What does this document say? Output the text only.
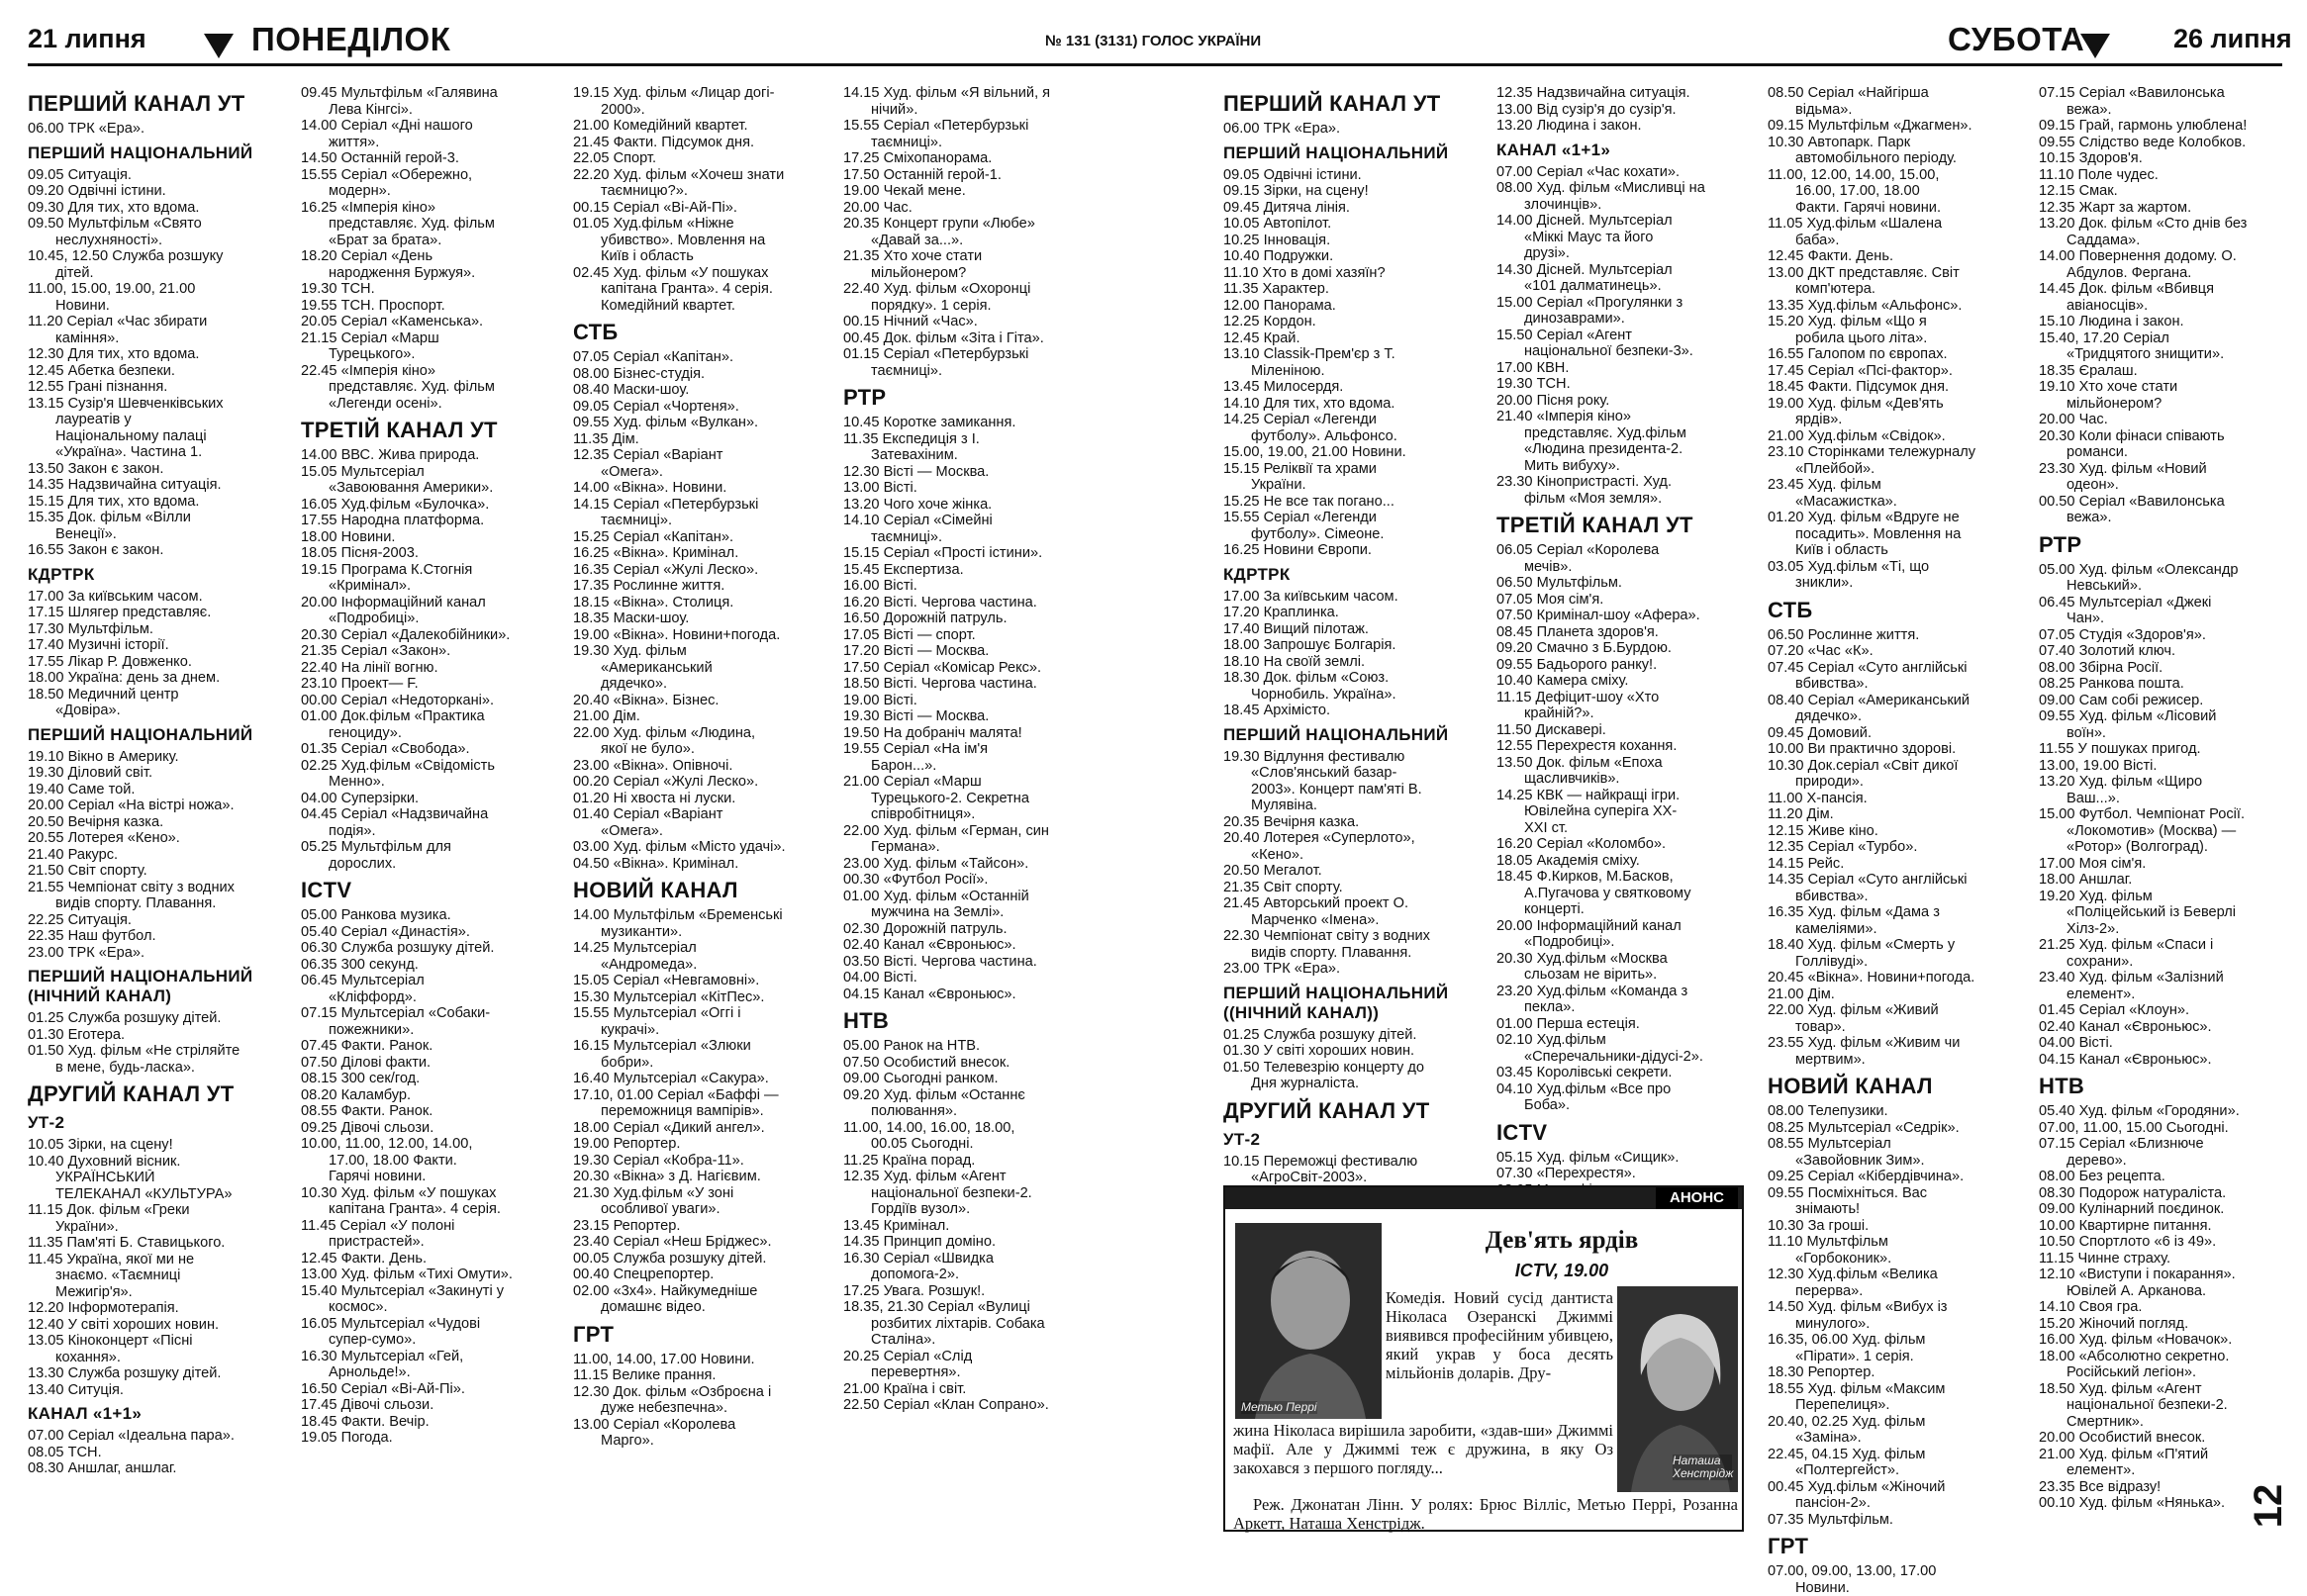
21 липня	ПОНЕДІЛОК	№ 131 (3131) ГОЛОС УКРАЇНИ	СУБОТА	26 липня
ПЕРШИЙ КАНАЛ УТ
06.00 ТРК «Ера».
ПЕРШИЙ НАЦІОНАЛЬНИЙ
09.05 Ситуація.
09.20 Одвічні істини.
09.30 Для тих, хто вдома.
09.50 Мультфільм «Свято
неслухняності».
10.45, 12.50 Служба розшуку
дітей.
11.00, 15.00, 19.00, 21.00
Новини.
11.20 Серіал «Час збирати
каміння».
12.30 Для тих, хто вдома.
12.45 Абетка безпеки.
12.55 Грані пізнання.
13.15 Сузір'я Шевченківських
лауреатів у
Національному палаці
«Україна». Частина 1.
13.50 Закон є закон.
14.35 Надзвичайна ситуація.
15.15 Для тих, хто вдома.
15.35 Док. фільм «Вілли
Венеції».
16.55 Закон є закон.
КДРТРК
17.00 За київським часом.
17.15 Шлягер представляє.
17.30 Мультфільм.
17.40 Музичні історії.
17.55 Лікар Р. Довженко.
18.00 Україна: день за днем.
18.50 Медичний центр
«Довіра».
ПЕРШИЙ НАЦІОНАЛЬНИЙ
19.10 Вікно в Америку.
19.30 Діловий світ.
19.40 Саме той.
20.00 Серіал «На вістрі ножа».
20.50 Вечірня казка.
20.55 Лотерея «Кено».
21.40 Ракурс.
21.50 Світ спорту.
21.55 Чемпіонат світу з водних
видів спорту. Плавання.
22.25 Ситуація.
22.35 Наш футбол.
23.00 ТРК «Ера».
ПЕРШИЙ НАЦІОНАЛЬНИЙ (НІЧНИЙ КАНАЛ)
01.25 Служба розшуку дітей.
01.30 Еготера.
01.50 Худ. фільм «Не стріляйте
в мене, будь-ласка».
ДРУГИЙ КАНАЛ УТ
УТ-2
10.05 Зірки, на сцену!
10.40 Духовний вісник.
УКРАЇНСЬКИЙ
ТЕЛЕКАНАЛ «КУЛЬТУРА»
11.15 Док. фільм «Греки
України».
11.35 Пам'яті Б. Ставицького.
11.45 Україна, якої ми не
знаємо. «Таємниці
Межигір'я».
12.20 Інформотерапія.
12.40 У світі хороших новин.
13.05 Кіноконцерт «Пісні
кохання».
13.30 Служба розшуку дітей.
13.40 Ситуція.
КАНАЛ «1+1»
07.00 Серіал «Ідеальна пара».
08.05 ТСН.
08.30 Аншлаг, аншлаг.
09.45 Мультфільм «Галявина
Лева Кінгсі».
14.00 Серіал «Дні нашого
життя».
14.50 Останній герой-3.
15.55 Серіал «Обережно,
модерн».
16.25 «Імперія кіно»
представляє. Худ. фільм
«Брат за брата».
18.20 Серіал «День
народження Буржуя».
19.30 ТСН.
19.55 ТСН. Проспорт.
20.05 Серіал «Каменська».
21.15 Серіал «Марш
Турецького».
22.45 «Імперія кіно»
представляє. Худ. фільм
«Легенди осені».
ТРЕТІЙ КАНАЛ УТ
14.00 ВВС. Жива природа.
15.05 Мультсеріал
«Завоювання Америки».
16.05 Худ.фільм «Булочка».
17.55 Народна платформа.
18.00 Новини.
18.05 Пісня-2003.
19.15 Програма К.Стогнія
«Кримінал».
20.00 Інформаційний канал
«Подробиці».
20.30 Серіал «Далекобійники».
21.35 Серіал «Закон».
22.40 На лінії вогню.
23.10 Проект— F.
00.00 Серіал «Недоторкані».
01.00 Док.фільм «Практика
геноциду».
01.35 Серіал «Свобода».
02.25 Худ.фільм «Свідомість
Менно».
04.00 Суперзірки.
04.45 Серіал «Надзвичайна
подія».
05.25 Мультфільм для
дорослих.
ICTV
05.00 Ранкова музика.
05.40 Серіал «Династія».
06.30 Служба розшуку дітей.
06.35 300 секунд.
06.45 Мультсеріал
«Кліффорд».
07.15 Мультсеріал «Собаки-
пожежники».
07.45 Факти. Ранок.
07.50 Ділові факти.
08.15 300 сек/год.
08.20 Каламбур.
08.55 Факти. Ранок.
09.25 Дівочі сльози.
10.00, 11.00, 12.00, 14.00,
17.00, 18.00 Факти.
Гарячі новини.
10.30 Худ. фільм «У пошуках
капітана Гранта». 4 серія.
11.45 Серіал «У полоні
пристрастей».
12.45 Факти. День.
13.00 Худ. фільм «Тихі Омути».
15.40 Мультсеріал «Закинуті у
космос».
16.05 Мультсеріал «Чудові
супер-сумо».
16.30 Мультсеріал «Гей,
Арнольде!».
16.50 Серіал «Ві-Ай-Пі».
17.45 Дівочі сльози.
18.45 Факти. Вечір.
19.05 Погода.
19.15 Худ. фільм «Лицар догі-
2000».
21.00 Комедійний квартет.
21.45 Факти. Підсумок дня.
22.05 Спорт.
22.20 Худ. фільм «Хочеш знати
таємницю?».
00.15 Серіал «Ві-Ай-Пі».
01.05 Худ.фільм «Ніжне
убивство». Мовлення на
Київ і область
02.45 Худ. фільм «У пошуках
капітана Гранта». 4 серія.
Комедійний квартет.
СТБ
07.05 Серіал «Капітан».
08.00 Бізнес-студія.
08.40 Маски-шоу.
09.05 Серіал «Чортеня».
09.55 Худ. фільм «Вулкан».
11.35 Дім.
12.35 Серіал «Варіант
«Омега».
14.00 «Вікна». Новини.
14.15 Серіал «Петербурзькі
таємниці».
15.25 Серіал «Капітан».
16.25 «Вікна». Кримінал.
16.35 Серіал «Жулі Лескo».
17.35 Рослинне життя.
18.15 «Вікна». Столиця.
18.35 Маски-шоу.
19.00 «Вікна». Новини+погода.
19.30 Худ. фільм
«Американський
дядечко».
20.40 «Вікна». Бізнес.
21.00 Дім.
22.00 Худ. фільм «Людина,
якої не було».
23.00 «Вікна». Опівночі.
00.20 Серіал «Жулі Лескo».
01.20 Ні хвоста ні луски.
01.40 Серіал «Варіант
«Омега».
03.00 Худ. фільм «Місто удачі».
04.50 «Вікна». Кримінал.
НОВИЙ КАНАЛ
14.00 Мультфільм «Бременські
музиканти».
14.25 Мультсеріал
«Андромеда».
15.05 Серіал «Невгамовні».
15.30 Мультсеріал «КітПес».
15.55 Мультсеріал «Оггі і
кукрачі».
16.15 Мультсеріал «Злюки
бобри».
16.40 Мультсеріал «Сакура».
17.10, 01.00 Серіал «Баффі —
переможниця вампірів».
18.00 Серіал «Дикий ангел».
19.00 Репортер.
19.30 Серіал «Кобра-11».
20.30 «Вікна» з Д. Нагієвим.
21.30 Худ.фільм «У зоні
особливої уваги».
23.15 Репортер.
23.40 Серіал «Неш Бріджес».
00.05 Служба розшуку дітей.
00.40 Спецрепортер.
02.00 «3х4». Найкумедніше
домашнє відео.
ГРТ
11.00, 14.00, 17.00 Новини.
11.15 Велике прання.
12.30 Док. фільм «Озброєна і
дуже небезпечна».
13.00 Серіал «Королева
Марго».
14.15 Худ. фільм «Я вільний, я
нічий».
15.55 Серіал «Петербурзькі
таємниці».
17.25 Сміхопанорама.
17.50 Останній герой-1.
19.00 Чекай мене.
20.00 Час.
20.35 Концерт групи «Любе»
«Давай за...».
21.35 Хто хоче стати
мільйонером?
22.40 Худ. фільм «Охоронці
порядку». 1 серія.
00.15 Нічний «Час».
00.45 Док. фільм «Зіта і Гіта».
01.15 Серіал «Петербурзькі
таємниці».
РТР
10.45 Коротке замикання.
11.35 Експедиція з І.
Затевахіним.
12.30 Вісті — Москва.
13.00 Вісті.
13.20 Чого хоче жінка.
14.10 Серіал «Сімейні
таємниці».
15.15 Серіал «Прості істини».
15.45 Експертиза.
16.00 Вісті.
16.20 Вісті. Чергова частина.
16.50 Дорожній патруль.
17.05 Вісті — спорт.
17.20 Вісті — Москва.
17.50 Серіал «Комісар Рекс».
18.50 Вісті. Чергова частина.
19.00 Вісті.
19.30 Вісті — Москва.
19.50 На добраніч малята!
19.55 Серіал «На ім'я
Барон...».
21.00 Серіал «Марш
Турецького-2. Секретна
співробітниця».
22.00 Худ. фільм «Герман, син
Германа».
23.00 Худ. фільм «Тайсон».
00.30 «Футбол Росії».
01.00 Худ. фільм «Останній
мужчина на Землі».
02.30 Дорожній патруль.
02.40 Канал «Євроньюс».
03.50 Вісті. Чергова частина.
04.00 Вісті.
04.15 Канал «Євроньюс».
НТВ
05.00 Ранок на НТВ.
07.50 Особистий внесок.
09.00 Сьогодні ранком.
09.20 Худ. фільм «Останнє
полювання».
11.00, 14.00, 16.00, 18.00,
00.05 Сьогодні.
11.25 Країна порад.
12.35 Худ. фільм «Агент
національної безпеки-2.
Гордіїв вузол».
13.45 Кримінал.
14.35 Принцип доміно.
16.30 Серіал «Швидка
допомога-2».
17.25 Увага. Розшук!.
18.35, 21.30 Серіал «Вулиці
розбитих ліхтарів. Собака
Сталіна».
20.25 Серіал «Слід
перевертня».
21.00 Країна і світ.
22.50 Серіал «Клан Сопрано».
ПЕРШИЙ КАНАЛ УТ
06.00 ТРК «Ера».
ПЕРШИЙ НАЦІОНАЛЬНИЙ
09.05 Одвічні істини.
09.15 Зірки, на сцену!
09.45 Дитяча лінія.
10.05 Автопілот.
10.25 Інновація.
10.40 Подружки.
11.10 Хто в домі хазяїн?
11.35 Характер.
12.00 Панорама.
12.25 Кордон.
12.45 Край.
13.10 Classik-Прем'єр з Т.
Міленіною.
13.45 Милосердя.
14.10 Для тих, хто вдома.
14.25 Серіал «Легенди
футболу». Альфонсо.
15.00, 19.00, 21.00 Новини.
15.15 Реліквії та храми
України.
15.25 Не все так погано...
15.55 Серіал «Легенди
футболу». Сімеоне.
16.25 Новини Європи.
КДРТРК
17.00 За київським часом.
17.20 Краплинка.
17.40 Вищий пілотаж.
18.00 Запрошує Болгарія.
18.10 На своїй землі.
18.30 Док. фільм «Союз.
Чорнобиль. Україна».
18.45 Архімісто.
ПЕРШИЙ НАЦІОНАЛЬНИЙ
19.30 Відлуння фестивалю
«Слов'янський базар-
2003». Концерт пам'яті В.
Мулявіна.
20.35 Вечірня казка.
20.40 Лотерея «Суперлото»,
«Кено».
20.50 Мегалот.
21.35 Світ спорту.
21.45 Авторський проект О.
Марченко «Імена».
22.30 Чемпіонат світу з водних
видів спорту. Плавання.
23.00 ТРК «Ера».
ПЕРШИЙ НАЦІОНАЛЬНИЙ ((НІЧНИЙ КАНАЛ))
01.25 Служба розшуку дітей.
01.30 У світі хороших новин.
01.50 Телевезрію концерту до
Дня журналіста.
ДРУГИЙ КАНАЛ УТ
УТ-2
10.15 Переможці фестивалю
«АгроСвіт-2003».
12.35 Надзвичайна ситуація.
13.00 Від сузір'я до сузір'я.
13.20 Людина і закон.
КАНАЛ «1+1»
07.00 Серіал «Час кохати».
08.00 Худ. фільм «Мисливці на
злочинців».
14.00 Дісней. Мультсеріал
«Міккі Маус та його
друзі».
14.30 Дісней. Мультсеріал
«101 далматинець».
15.00 Серіал «Прогулянки з
динозаврами».
15.50 Серіал «Агент
національної безпеки-3».
17.00 КВН.
19.30 ТСН.
20.00 Пісня року.
21.40 «Імперія кіно»
представляє. Худ.фільм
«Людина президента-2.
Мить вибуху».
23.30 Кінопристрасті. Худ.
фільм «Моя земля».
ТРЕТІЙ КАНАЛ УТ
06.05 Серіал «Королева
мечів».
06.50 Мультфільм.
07.05 Моя сім'я.
07.50 Кримінал-шоу «Афера».
08.45 Планета здоров'я.
09.20 Смачно з Б.Бурдою.
09.55 Бадьорого ранку!.
10.40 Камера сміху.
11.15 Дефіцит-шоу «Хто
крайній?».
11.50 Дискавері.
12.55 Перехрестя кохання.
13.50 Док. фільм «Епоха
щасливчиків».
14.25 КВК — найкращі ігри.
Ювілейна суперіга ХХ-
ХХІ ст.
16.20 Серіал «Коломбо».
18.05 Академія сміху.
18.45 Ф.Кирков, М.Басков,
А.Пугачова у святковому
концерті.
20.00 Інформаційний канал
«Подробиці».
20.30 Худ.фільм «Москва
сльозам не вірить».
23.20 Худ.фільм «Команда з
пекла».
01.00 Перша естеція.
02.10 Худ.фільм
«Сперечальники-дідусі-2».
03.45 Королівські секрети.
04.10 Худ.фільм «Все про
Боба».
ICTV
05.15 Худ. фільм «Сищик».
07.30 «Перехрестя».
08.50 Серіал «Найгірша
відьма».
09.15 Мультфільм «Джагмен».
10.30 Автопарк. Парк
автомобільного періоду.
11.00, 12.00, 14.00, 15.00,
16.00, 17.00, 18.00
Факти. Гарячі новини.
11.05 Худ.фільм «Шалена
баба».
12.45 Факти. День.
13.00 ДКТ представляє. Світ
комп'ютера.
13.35 Худ.фільм «Альфонс».
15.20 Худ. фільм «Що я
робила цього літа».
16.55 Галопом по європах.
17.45 Серіал «Псі-фактор».
18.45 Факти. Підсумок дня.
19.00 Худ. фільм «Дев'ять
ярдів».
21.00 Худ.фільм «Свідок».
23.10 Сторінками тележурналу
«Плейбой».
23.45 Худ. фільм
«Масажистка».
01.20 Худ. фільм «Вдруге не
посадить». Мовлення на
Київ і область
03.05 Худ.фільм «Ті, що
зникли».
СТБ
06.50 Рослинне життя.
07.20 «Час «К».
07.45 Серіал «Суто англійські
вбивства».
08.40 Серіал «Американський
дядечко».
09.45 Домовий.
10.00 Ви практично здорові.
10.30 Док.серіал «Світ дикої
природи».
11.00 Х-пансія.
11.20 Дім.
12.15 Живе кіно.
12.35 Серіал «Турбо».
14.15 Рейс.
14.35 Серіал «Суто англійські
вбивства».
16.35 Худ. фільм «Дама з
камеліями».
18.40 Худ. фільм «Смерть у
Голлівуді».
20.45 «Вікна». Новини+погода.
21.00 Дім.
22.00 Худ. фільм «Живий
товар».
23.55 Худ. фільм «Живим чи
мертвим».
НОВИЙ КАНАЛ
08.00 Телепузики.
08.25 Мультсеріал «Седрік».
08.55 Мультсеріал
«Завойовник Зим».
09.25 Серіал «Кібердівчина».
09.55 Посміхніться. Вас
знімають!
10.30 За гроші.
11.10 Мультфільм
«Горбоконик».
12.30 Худ.фільм «Велика
перерва».
14.50 Худ. фільм «Вибух із
минулого».
16.35, 06.00 Худ. фільм
«Пірати». 1 серія.
18.30 Репортер.
18.55 Худ. фільм «Максим
Перепелиця».
20.40, 02.25 Худ. фільм
«Заміна».
22.45, 04.15 Худ. фільм
«Полтергейст».
00.45 Худ.фільм «Жіночий
пансіон-2».
07.35 Мультфільм.
ГРТ
07.00, 09.00, 13.00, 17.00
Новини.
07.15 Серіал «Вавилонська
вежа».
09.15 Грай, гармонь улюблена!
09.55 Слідство веде Колобков.
10.15 Здоров'я.
11.10 Поле чудес.
12.15 Смак.
12.35 Жарт за жартом.
13.20 Док. фільм «Сто днів без
Саддама».
14.00 Повернення додому. О.
Абдулов. Фергана.
14.45 Док. фільм «Вбивця
авіаносців».
15.10 Людина і закон.
15.40, 17.20 Серіал
«Тридцятого знищити».
18.35 Єралаш.
19.10 Хто хоче стати
мільйонером?
20.00 Час.
20.30 Коли фінаси співають
романси.
23.30 Худ. фільм «Новий
одеон».
00.50 Серіал «Вавилонська
вежа».
РТР
05.00 Худ. фільм «Олександр
Невський».
06.45 Мультсеріал «Джекі
Чан».
07.05 Студія «Здоров'я».
07.40 Золотий ключ.
08.00 Збірна Росії.
08.25 Ранкова пошта.
09.00 Сам собі режисер.
09.55 Худ. фільм «Лісовий
воїн».
11.55 У пошуках пригод.
13.00, 19.00 Вісті.
13.20 Худ. фільм «Щиро
Ваш...».
15.00 Футбол. Чемпіонат Росії.
«Локомотив» (Москва) —
«Ротор» (Волгоград).
17.00 Моя сім'я.
18.00 Аншлаг.
19.20 Худ. фільм
«Поліцейський із Беверлі
Хілз-2».
21.25 Худ. фільм «Спаси і
сохрани».
23.40 Худ. фільм «Залізний
елемент».
01.45 Серіал «Клоун».
02.40 Канал «Євроньюс».
04.00 Вісті.
04.15 Канал «Євроньюс».
НТВ
05.40 Худ. фільм «Городяни».
07.00, 11.00, 15.00 Сьогодні.
07.15 Серіал «Близнюче
дерево».
08.00 Без рецепта.
08.30 Подорож натураліста.
09.00 Кулінарний поєдинок.
10.00 Квартирне питання.
10.50 Спортлото «6 із 49».
11.15 Чинне страху.
12.10 «Виступи і покарання».
Ювілей А. Арканова.
14.10 Своя гра.
15.20 Жіночий погляд.
16.00 Худ. фільм «Новачок».
18.00 «Абсолютно секретно.
Російський легіон».
18.50 Худ. фільм «Агент
національної безпеки-2.
Смертник».
20.00 Особистий внесок.
21.00 Худ. фільм «П'ятий
елемент».
23.35 Все відразу!
00.10 Худ. фільм «Нянька».
АНОНС
Метью Перрі
Дев'ять ярдів
ICTV, 19.00
Комедія. Новий сусід дантиста Ніколаса Озеранскі Джиммі виявився професійним убивцею, який украв у боса десять мільйонів доларів. Дру-
Наташа Хенстрідж
жина Ніколаса вирішила заробити, «здав-ши» Джиммі мафії. Але у Джиммі теж є дружина, в яку Оз закохався з першого погляду...
Реж. Джонатан Лінн. У ролях: Брюс Вілліс, Метью Перрі, Розанна Аркетт, Наташа Хенстрідж.	12
